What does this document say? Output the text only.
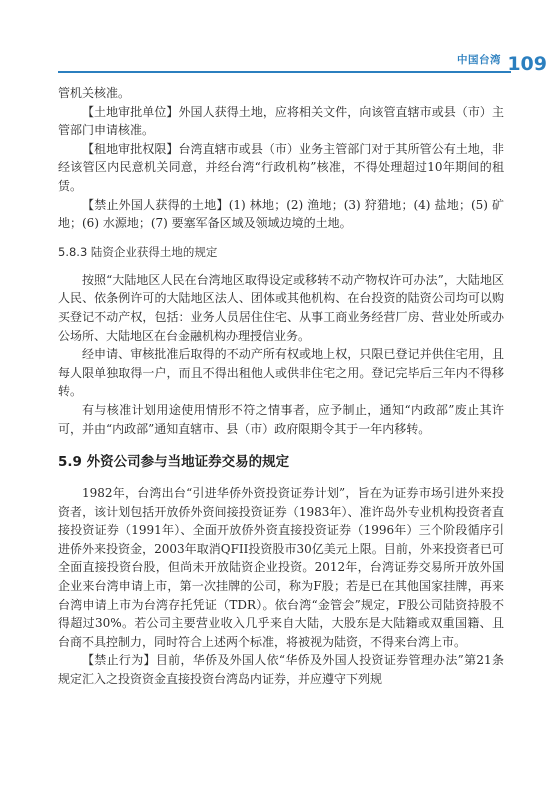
中国台湾 109

管机关核准。

【土地审批单位】外国人获得土地，应将相关文件，向该管直辖市或县（市）主管部门申请核准。

【租地审批权限】台湾直辖市或县（市）业务主管部门对于其所管公有土地，非经该管区内民意机关同意，并经台湾“行政机构”核准，不得处理超过10年期间的租赁。

【禁止外国人获得的土地】(1) 林地；(2) 渔地；(3) 狩猎地；(4) 盐地；(5) 矿地；(6) 水源地；(7) 要塞军备区域及领域边境的土地。

5.8.3 陆资企业获得土地的规定

按照“大陆地区人民在台湾地区取得设定或移转不动产物权许可办法”，大陆地区人民、依条例许可的大陆地区法人、团体或其他机构、在台投资的陆资公司均可以购买登记不动产权，包括：业务人员居住住宅、从事工商业务经营厂房、营业处所或办公场所、大陆地区在台金融机构办理授信业务。

经申请、审核批准后取得的不动产所有权或地上权，只限已登记并供住宅用，且每人限单独取得一户，而且不得出租他人或供非住宅之用。登记完毕后三年内不得移转。

有与核准计划用途使用情形不符之情事者，应予制止，通知“内政部”废止其许可，并由“内政部”通知直辖市、县（市）政府限期令其于一年内移转。

5.9 外资公司参与当地证券交易的规定

1982年，台湾出台“引进华侨外资投资证券计划”，旨在为证券市场引进外来投资者，该计划包括开放侨外资间接投资证券（1983年）、准许岛外专业机构投资者直接投资证券（1991年）、全面开放侨外资直接投资证券（1996年）三个阶段循序引进侨外来投资金，2003年取消QFII投资股市30亿美元上限。目前，外来投资者已可全面直接投资台股，但尚未开放陆资企业投资。2012年，台湾证券交易所开放外国企业来台湾申请上市，第一次挂牌的公司，称为F股；若是已在其他国家挂牌，再来台湾申请上市为台湾存托凭证（TDR）。依台湾“金管会”规定，F股公司陆资持股不得超过30%。若公司主要营业收入几乎来自大陆，大股东是大陆籍或双重国籍、且台商不具控制力，同时符合上述两个标准，将被视为陆资，不得来台湾上市。

【禁止行为】目前，华侨及外国人依“华侨及外国人投资证券管理办法”第21条规定汇入之投资资金直接投资台湾岛内证券，并应遵守下列规
